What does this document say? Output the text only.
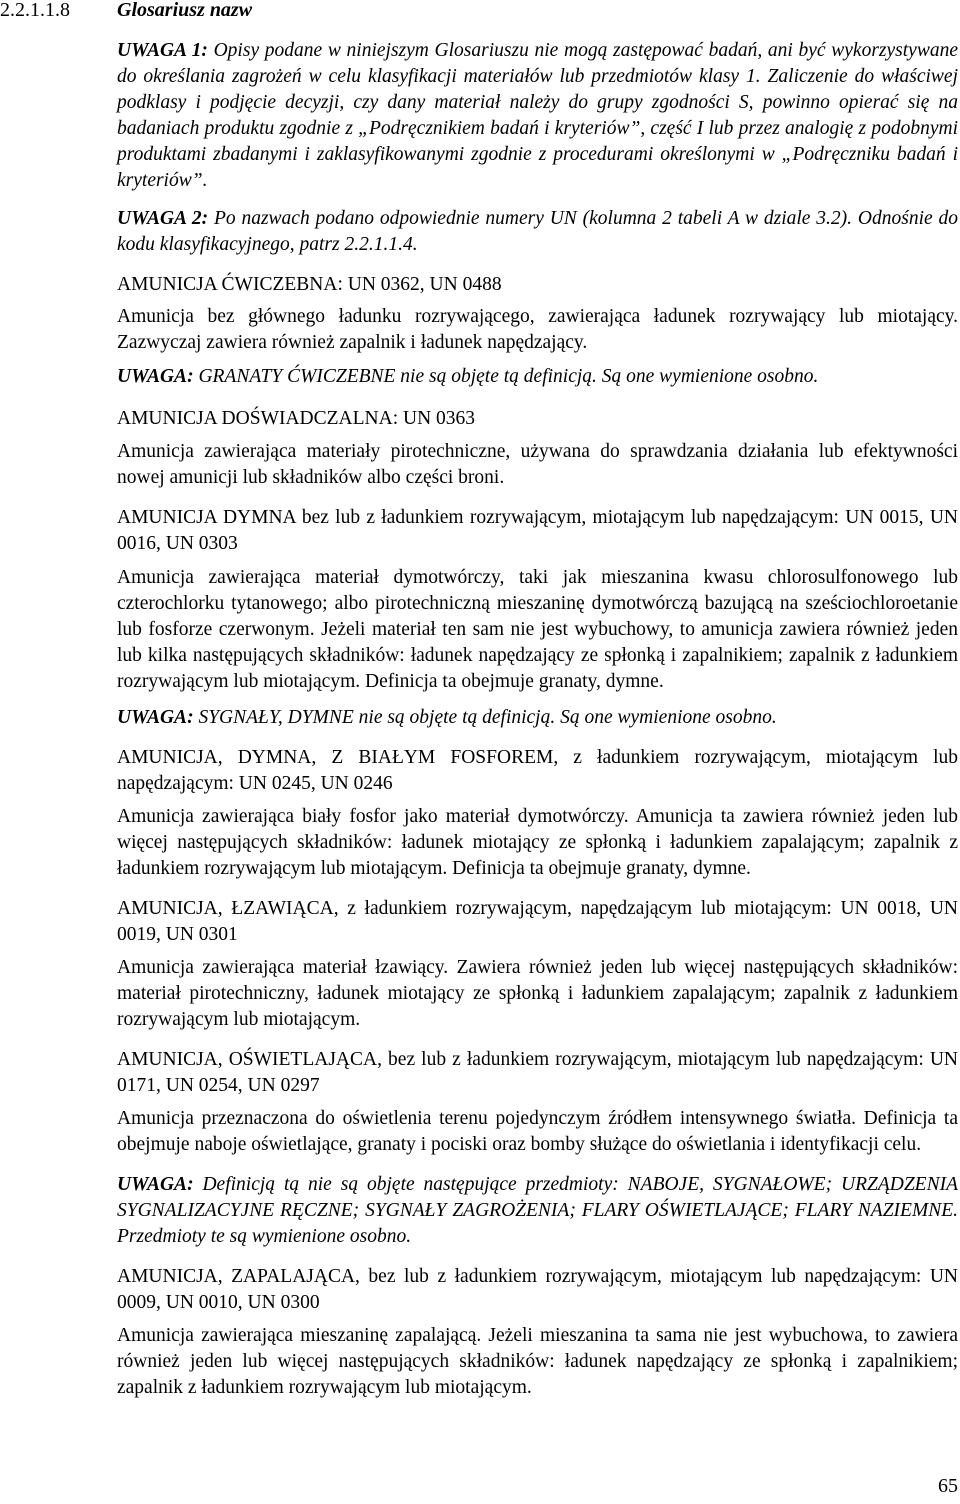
2.2.1.1.8 Glosariusz nazw

UWAGA 1: Opisy podane w niniejszym Glosariuszu nie mogą zastępować badań, ani być wykorzystywane do określania zagrożeń w celu klasyfikacji materiałów lub przedmiotów klasy 1. Zaliczenie do właściwej podklasy i podjęcie decyzji, czy dany materiał należy do grupy zgodności S, powinno opierać się na badaniach produktu zgodnie z „Podręcznikiem badań i kryteriów”, część I lub przez analogię z podobnymi produktami zbadanymi i zaklasyfikowanymi zgodnie z procedurami określonymi w „Podręczniku badań i kryteriów”.

UWAGA 2: Po nazwach podano odpowiednie numery UN (kolumna 2 tabeli A w dziale 3.2). Odnośnie do kodu klasyfikacyjnego, patrz 2.2.1.1.4.

AMUNICJA ĆWICZEBNA: UN 0362, UN 0488

Amunicja bez głównego ładunku rozrywającego, zawierająca ładunek rozrywający lub miotający. Zazwyczaj zawiera również zapalnik i ładunek napędzający.

UWAGA: GRANATY ĆWICZEBNE nie są objęte tą definicją. Są one wymienione osobno.

AMUNICJA DOŚWIADCZALNA: UN 0363

Amunicja zawierająca materiały pirotechniczne, używana do sprawdzania działania lub efektywności nowej amunicji lub składników albo części broni.

AMUNICJA DYMNA bez lub z ładunkiem rozrywającym, miotającym lub napędzającym: UN 0015, UN 0016, UN 0303

Amunicja zawierająca materiał dymotwórczy, taki jak mieszanina kwasu chlorosulfonowego lub czterochlorku tytanowego; albo pirotechniczną mieszaninę dymotwórczą bazującą na sześciochloroetanie lub fosforze czerwonym. Jeżeli materiał ten sam nie jest wybuchowy, to amunicja zawiera również jeden lub kilka następujących składników: ładunek napędzający ze spłonką i zapalnikiem; zapalnik z ładunkiem rozrywającym lub miotającym. Definicja ta obejmuje granaty, dymne.

UWAGA: SYGNAŁY, DYMNE nie są objęte tą definicją. Są one wymienione osobno.

AMUNICJA, DYMNA, Z BIAŁYM FOSFOREM, z ładunkiem rozrywającym, miotającym lub napędzającym: UN 0245, UN 0246

Amunicja zawierająca biały fosfor jako materiał dymotwórczy. Amunicja ta zawiera również jeden lub więcej następujących składników: ładunek miotający ze spłonką i ładunkiem zapalającym; zapalnik z ładunkiem rozrywającym lub miotającym. Definicja ta obejmuje granaty, dymne.

AMUNICJA, ŁZAWIĄCA, z ładunkiem rozrywającym, napędzającym lub miotającym: UN 0018, UN 0019, UN 0301

Amunicja zawierająca materiał łzawiący. Zawiera również jeden lub więcej następujących składników: materiał pirotechniczny, ładunek miotający ze spłonką i ładunkiem zapalającym; zapalnik z ładunkiem rozrywającym lub miotającym.

AMUNICJA, OŚWIETLAJĄCA, bez lub z ładunkiem rozrywającym, miotającym lub napędzającym: UN 0171, UN 0254, UN 0297

Amunicja przeznaczona do oświetlenia terenu pojedynczym źródłem intensywnego światła. Definicja ta obejmuje naboje oświetlające, granaty i pociski oraz bomby służące do oświetlania i identyfikacji celu.

UWAGA: Definicją tą nie są objęte następujące przedmioty: NABOJE, SYGNAŁOWE; URZĄDZENIA SYGNALIZACYJNE RĘCZNE; SYGNAŁY ZAGROŻENIA; FLARY OŚWIETLAJĄCE; FLARY NAZIEMNE. Przedmioty te są wymienione osobno.

AMUNICJA, ZAPALAJĄCA, bez lub z ładunkiem rozrywającym, miotającym lub napędzającym: UN 0009, UN 0010, UN 0300

Amunicja zawierająca mieszaninę zapalającą. Jeżeli mieszanina ta sama nie jest wybuchowa, to zawiera również jeden lub więcej następujących składników: ładunek napędzający ze spłonką i zapalnikiem; zapalnik z ładunkiem rozrywającym lub miotającym.

65
